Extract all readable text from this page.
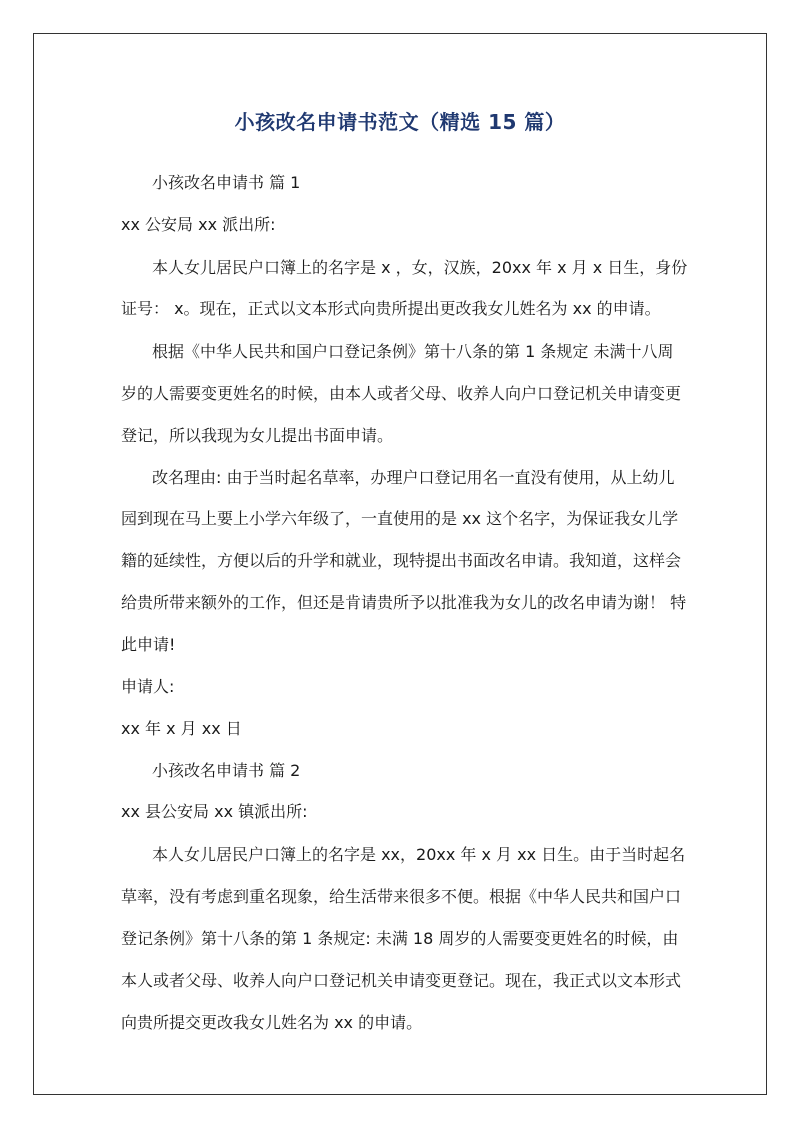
小孩改名申请书范文（精选 15 篇）
小孩改名申请书 篇 1
xx 公安局 xx 派出所:
本人女儿居民户口簿上的名字是 x ，女，汉族，20xx 年 x 月 x 日生，身份
证号： x。现在，正式以文本形式向贵所提出更改我女儿姓名为 xx 的申请。
根据《中华人民共和国户口登记条例》第十八条的第 1 条规定 未满十八周
岁的人需要变更姓名的时候，由本人或者父母、收养人向户口登记机关申请变更
登记，所以我现为女儿提出书面申请。
改名理由: 由于当时起名草率，办理户口登记用名一直没有使用，从上幼儿
园到现在马上要上小学六年级了，一直使用的是 xx 这个名字，为保证我女儿学
籍的延续性，方便以后的升学和就业，现特提出书面改名申请。我知道，这样会
给贵所带来额外的工作，但还是肯请贵所予以批准我为女儿的改名申请为谢！ 特
此申请!
申请人:
xx 年 x 月 xx 日
小孩改名申请书 篇 2
xx 县公安局 xx 镇派出所:
本人女儿居民户口簿上的名字是 xx，20xx 年 x 月 xx 日生。由于当时起名
草率，没有考虑到重名现象，给生活带来很多不便。根据《中华人民共和国户口
登记条例》第十八条的第 1 条规定: 未满 18 周岁的人需要变更姓名的时候，由
本人或者父母、收养人向户口登记机关申请变更登记。现在，我正式以文本形式
向贵所提交更改我女儿姓名为 xx 的申请。
